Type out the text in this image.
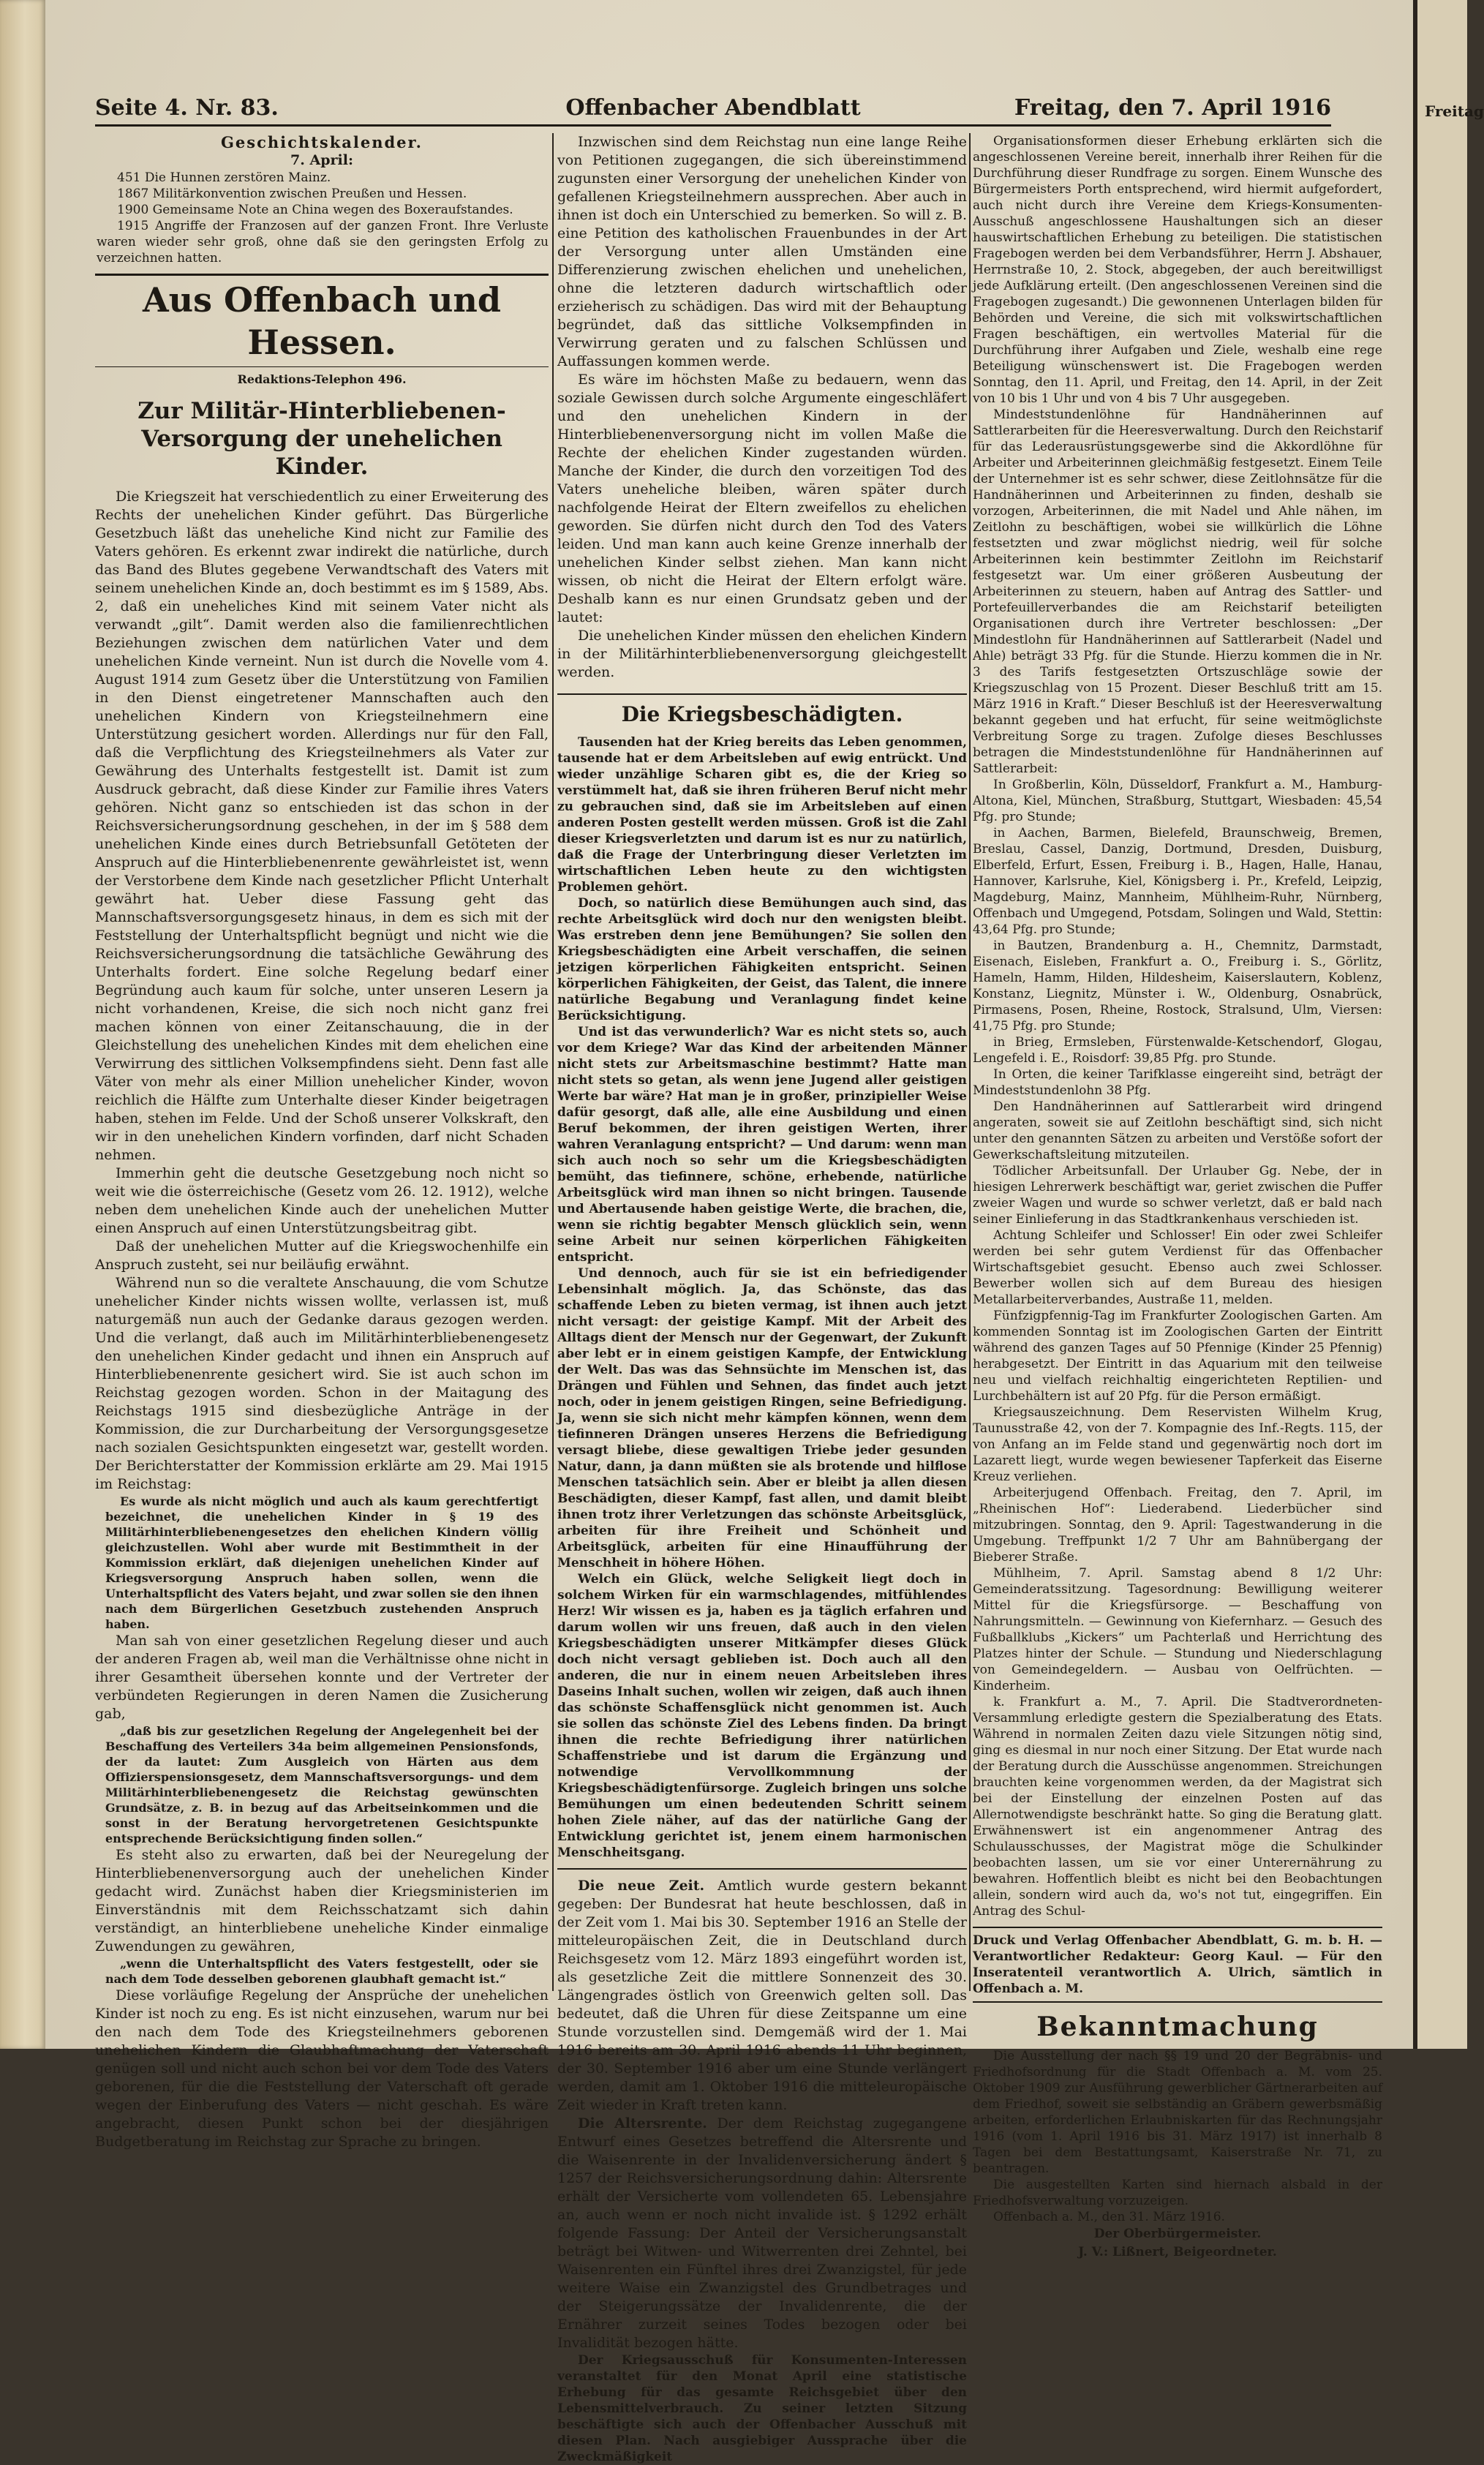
Freitag
Seite 4. Nr. 83.	Offenbacher Abendblatt	Freitag, den 7. April 1916
Geschichtskalender.
7. April:

451 Die Hunnen zerstören Mainz.

1867 Militärkonvention zwischen Preußen und Hessen.

1900 Gemeinsame Note an China wegen des Boxeraufstandes.

1915 Angriffe der Franzosen auf der ganzen Front. Ihre Verluste waren wieder sehr groß, ohne daß sie den geringsten Erfolg zu verzeichnen hatten.

Aus Offenbach und Hessen.
Redaktions-Telephon 496.
Zur Militär-Hinterbliebenen-Versorgung der unehelichen Kinder.

Die Kriegszeit hat verschiedentlich zu einer Erweiterung des Rechts der unehelichen Kinder geführt. Das Bürgerliche Gesetzbuch läßt das uneheliche Kind nicht zur Familie des Vaters gehören. Es erkennt zwar indirekt die natürliche, durch das Band des Blutes gegebene Verwandtschaft des Vaters mit seinem unehelichen Kinde an, doch bestimmt es im § 1589, Abs. 2, daß ein uneheliches Kind mit seinem Vater nicht als verwandt „gilt“. Damit werden also die familienrechtlichen Beziehungen zwischen dem natürlichen Vater und dem unehelichen Kinde verneint. Nun ist durch die Novelle vom 4. August 1914 zum Gesetz über die Unterstützung von Familien in den Dienst eingetretener Mannschaften auch den unehelichen Kindern von Kriegsteilnehmern eine Unterstützung gesichert worden. Allerdings nur für den Fall, daß die Verpflichtung des Kriegsteilnehmers als Vater zur Gewährung des Unterhalts festgestellt ist. Damit ist zum Ausdruck gebracht, daß diese Kinder zur Familie ihres Vaters gehören. Nicht ganz so entschieden ist das schon in der Reichsversicherungsordnung geschehen, in der im § 588 dem unehelichen Kinde eines durch Betriebsunfall Getöteten der Anspruch auf die Hinterbliebenenrente gewährleistet ist, wenn der Verstorbene dem Kinde nach gesetzlicher Pflicht Unterhalt gewährt hat. Ueber diese Fassung geht das Mannschaftsversorgungsgesetz hinaus, in dem es sich mit der Feststellung der Unterhaltspflicht begnügt und nicht wie die Reichsversicherungsordnung die tatsächliche Gewährung des Unterhalts fordert. Eine solche Regelung bedarf einer Begründung auch kaum für solche, unter unseren Lesern ja nicht vorhandenen, Kreise, die sich noch nicht ganz frei machen können von einer Zeitanschauung, die in der Gleichstellung des unehelichen Kindes mit dem ehelichen eine Verwirrung des sittlichen Volksempfindens sieht. Denn fast alle Väter von mehr als einer Million unehelicher Kinder, wovon reichlich die Hälfte zum Unterhalte dieser Kinder beigetragen haben, stehen im Felde. Und der Schoß unserer Volkskraft, den wir in den unehelichen Kindern vorfinden, darf nicht Schaden nehmen.

Immerhin geht die deutsche Gesetzgebung noch nicht so weit wie die österreichische (Gesetz vom 26. 12. 1912), welche neben dem unehelichen Kinde auch der unehelichen Mutter einen Anspruch auf einen Unterstützungsbeitrag gibt.

Daß der unehelichen Mutter auf die Kriegswochenhilfe ein Anspruch zusteht, sei nur beiläufig erwähnt.

Während nun so die veraltete Anschauung, die vom Schutze unehelicher Kinder nichts wissen wollte, verlassen ist, muß naturgemäß nun auch der Gedanke daraus gezogen werden. Und die verlangt, daß auch im Militärhinterbliebenengesetz den unehelichen Kinder gedacht und ihnen ein Anspruch auf Hinterbliebenenrente gesichert wird. Sie ist auch schon im Reichstag gezogen worden. Schon in der Maitagung des Reichstags 1915 sind diesbezügliche Anträge in der Kommission, die zur Durcharbeitung der Versorgungsgesetze nach sozialen Gesichtspunkten eingesetzt war, gestellt worden. Der Berichterstatter der Kommission erklärte am 29. Mai 1915 im Reichstag:

Es wurde als nicht möglich und auch als kaum gerechtfertigt bezeichnet, die unehelichen Kinder in § 19 des Militärhinterbliebenengesetzes den ehelichen Kindern völlig gleichzustellen. Wohl aber wurde mit Bestimmtheit in der Kommission erklärt, daß diejenigen unehelichen Kinder auf Kriegsversorgung Anspruch haben sollen, wenn die Unterhaltspflicht des Vaters bejaht, und zwar sollen sie den ihnen nach dem Bürgerlichen Gesetzbuch zustehenden Anspruch haben.

Man sah von einer gesetzlichen Regelung dieser und auch der anderen Fragen ab, weil man die Verhältnisse ohne nicht in ihrer Gesamtheit übersehen konnte und der Vertreter der verbündeten Regierungen in deren Namen die Zusicherung gab,

„daß bis zur gesetzlichen Regelung der Angelegenheit bei der Beschaffung des Verteilers 34a beim allgemeinen Pensionsfonds, der da lautet: Zum Ausgleich von Härten aus dem Offizierspensionsgesetz, dem Mannschaftsversorgungs- und dem Militärhinterbliebenengesetz die Reichstag gewünschten Grundsätze, z. B. in bezug auf das Arbeitseinkommen und die sonst in der Beratung hervorgetretenen Gesichtspunkte entsprechende Berücksichtigung finden sollen.“

Es steht also zu erwarten, daß bei der Neuregelung der Hinterbliebenenversorgung auch der unehelichen Kinder gedacht wird. Zunächst haben dier Kriegsministerien im Einverständnis mit dem Reichsschatzamt sich dahin verständigt, an hinterbliebene uneheliche Kinder einmalige Zuwendungen zu gewähren,

„wenn die Unterhaltspflicht des Vaters festgestellt, oder sie nach dem Tode desselben geborenen glaubhaft gemacht ist.“

Diese vorläufige Regelung der Ansprüche der unehelichen Kinder ist noch zu eng. Es ist nicht einzusehen, warum nur bei den nach dem Tode des Kriegsteilnehmers geborenen unehelichen Kindern die Glaubhaftmachung der Vaterschaft genügen soll und nicht auch schon bei vor dem Tode des Vaters geborenen, für die die Feststellung der Vaterschaft oft gerade wegen der Einberufung des Vaters — nicht geschah. Es wäre angebracht, diesen Punkt schon bei der diesjährigen Budgetberatung im Reichstag zur Sprache zu bringen.

Inzwischen sind dem Reichstag nun eine lange Reihe von Petitionen zugegangen, die sich übereinstimmend zugunsten einer Versorgung der unehelichen Kinder von gefallenen Kriegsteilnehmern aussprechen. Aber auch in ihnen ist doch ein Unterschied zu bemerken. So will z. B. eine Petition des katholischen Frauenbundes in der Art der Versorgung unter allen Umständen eine Differenzierung zwischen ehelichen und unehelichen, ohne die letzteren dadurch wirtschaftlich oder erzieherisch zu schädigen. Das wird mit der Behauptung begründet, daß das sittliche Volksempfinden in Verwirrung geraten und zu falschen Schlüssen und Auffassungen kommen werde.

Es wäre im höchsten Maße zu bedauern, wenn das soziale Gewissen durch solche Argumente eingeschläfert und den unehelichen Kindern in der Hinterbliebenenversorgung nicht im vollen Maße die Rechte der ehelichen Kinder zugestanden würden. Manche der Kinder, die durch den vorzeitigen Tod des Vaters uneheliche bleiben, wären später durch nachfolgende Heirat der Eltern zweifellos zu ehelichen geworden. Sie dürfen nicht durch den Tod des Vaters leiden. Und man kann auch keine Grenze innerhalb der unehelichen Kinder selbst ziehen. Man kann nicht wissen, ob nicht die Heirat der Eltern erfolgt wäre. Deshalb kann es nur einen Grundsatz geben und der lautet:

Die unehelichen Kinder müssen den ehelichen Kindern in der Militärhinterbliebenenversorgung gleichgestellt werden.

Die Kriegsbeschädigten.

Tausenden hat der Krieg bereits das Leben genommen, tausende hat er dem Arbeitsleben auf ewig entrückt. Und wieder unzählige Scharen gibt es, die der Krieg so verstümmelt hat, daß sie ihren früheren Beruf nicht mehr zu gebrauchen sind, daß sie im Arbeitsleben auf einen anderen Posten gestellt werden müssen. Groß ist die Zahl dieser Kriegsverletzten und darum ist es nur zu natürlich, daß die Frage der Unterbringung dieser Verletzten im wirtschaftlichen Leben heute zu den wichtigsten Problemen gehört.

Doch, so natürlich diese Bemühungen auch sind, das rechte Arbeitsglück wird doch nur den wenigsten bleibt. Was erstreben denn jene Bemühungen? Sie sollen den Kriegsbeschädigten eine Arbeit verschaffen, die seinen jetzigen körperlichen Fähigkeiten entspricht. Seinen körperlichen Fähigkeiten, der Geist, das Talent, die innere natürliche Begabung und Veranlagung findet keine Berücksichtigung.

Und ist das verwunderlich? War es nicht stets so, auch vor dem Kriege? War das Kind der arbeitenden Männer nicht stets zur Arbeitsmaschine bestimmt? Hatte man nicht stets so getan, als wenn jene Jugend aller geistigen Werte bar wäre? Hat man je in großer, prinzipieller Weise dafür gesorgt, daß alle, alle eine Ausbildung und einen Beruf bekommen, der ihren geistigen Werten, ihrer wahren Veranlagung entspricht? — Und darum: wenn man sich auch noch so sehr um die Kriegsbeschädigten bemüht, das tiefinnere, schöne, erhebende, natürliche Arbeitsglück wird man ihnen so nicht bringen. Tausende und Abertausende haben geistige Werte, die brachen, die, wenn sie richtig begabter Mensch glücklich sein, wenn seine Arbeit nur seinen körperlichen Fähigkeiten entspricht.

Und dennoch, auch für sie ist ein befriedigender Lebensinhalt möglich. Ja, das Schönste, das das schaffende Leben zu bieten vermag, ist ihnen auch jetzt nicht versagt: der geistige Kampf. Mit der Arbeit des Alltags dient der Mensch nur der Gegenwart, der Zukunft aber lebt er in einem geistigen Kampfe, der Entwicklung der Welt. Das was das Sehnsüchte im Menschen ist, das Drängen und Fühlen und Sehnen, das findet auch jetzt noch, oder in jenem geistigen Ringen, seine Befriedigung. Ja, wenn sie sich nicht mehr kämpfen können, wenn dem tiefinneren Drängen unseres Herzens die Befriedigung versagt bliebe, diese gewaltigen Triebe jeder gesunden Natur, dann, ja dann müßten sie als brotende und hilflose Menschen tatsächlich sein. Aber er bleibt ja allen diesen Beschädigten, dieser Kampf, fast allen, und damit bleibt ihnen trotz ihrer Verletzungen das schönste Arbeitsglück, arbeiten für ihre Freiheit und Schönheit und Arbeitsglück, arbeiten für eine Hinaufführung der Menschheit in höhere Höhen.

Welch ein Glück, welche Seligkeit liegt doch in solchem Wirken für ein warmschlagendes, mitfühlendes Herz! Wir wissen es ja, haben es ja täglich erfahren und darum wollen wir uns freuen, daß auch in den vielen Kriegsbeschädigten unserer Mitkämpfer dieses Glück doch nicht versagt geblieben ist. Doch auch all den anderen, die nur in einem neuen Arbeitsleben ihres Daseins Inhalt suchen, wollen wir zeigen, daß auch ihnen das schönste Schaffensglück nicht genommen ist. Auch sie sollen das schönste Ziel des Lebens finden. Da bringt ihnen die rechte Befriedigung ihrer natürlichen Schaffenstriebe und ist darum die Ergänzung und notwendige Vervollkommnung der Kriegsbeschädigtenfürsorge. Zugleich bringen uns solche Bemühungen um einen bedeutenden Schritt seinem hohen Ziele näher, auf das der natürliche Gang der Entwicklung gerichtet ist, jenem einem harmonischen Menschheitsgang.

Die neue Zeit. Amtlich wurde gestern bekannt gegeben: Der Bundesrat hat heute beschlossen, daß in der Zeit vom 1. Mai bis 30. September 1916 an Stelle der mitteleuropäischen Zeit, die in Deutschland durch Reichsgesetz vom 12. März 1893 eingeführt worden ist, als gesetzliche Zeit die mittlere Sonnenzeit des 30. Längengrades östlich von Greenwich gelten soll. Das bedeutet, daß die Uhren für diese Zeitspanne um eine Stunde vorzustellen sind. Demgemäß wird der 1. Mai 1916 bereits am 30. April 1916 abends 11 Uhr beginnen, der 30. September 1916 aber um eine Stunde verlängert werden, damit am 1. Oktober 1916 die mitteleuropäische Zeit wieder in Kraft treten kann.

Die Altersrente. Der dem Reichstag zugegangene Entwurf eines Gesetzes betreffend die Altersrente und die Waisenrente in der Invalidenversicherung ändert § 1257 der Reichsversicherungsordnung dahin: Altersrente erhält der Versicherte vom vollendeten 65. Lebensjahre an, auch wenn er noch nicht invalide ist. § 1292 erhält folgende Fassung: Der Anteil der Versicherungsanstalt beträgt bei Witwen- und Witwerrenten drei Zehntel, bei Waisenrenten ein Fünftel ihres drei Zwanzigstel, für jede weitere Waise ein Zwanzigstel des Grundbetrages und der Steigerungssätze der Invalidenrente, die der Ernährer zurzeit seines Todes bezogen oder bei Invalidität bezogen hätte.

Der Kriegsausschuß für Konsumenten-Interessen veranstaltet für den Monat April eine statistische Erhebung für das gesamte Reichsgebiet über den Lebensmittelverbrauch. Zu seiner letzten Sitzung beschäftigte sich auch der Offenbacher Ausschuß mit diesen Plan. Nach ausgiebiger Aussprache über die Zweckmäßigkeit

Organisationsformen dieser Erhebung erklärten sich die angeschlossenen Vereine bereit, innerhalb ihrer Reihen für die Durchführung dieser Rundfrage zu sorgen. Einem Wunsche des Bürgermeisters Porth entsprechend, wird hiermit aufgefordert, auch nicht durch ihre Vereine dem Kriegs-Konsumenten-Ausschuß angeschlossene Haushaltungen sich an dieser hauswirtschaftlichen Erhebung zu beteiligen. Die statistischen Fragebogen werden bei dem Verbandsführer, Herrn J. Abshauer, Herrnstraße 10, 2. Stock, abgegeben, der auch bereitwilligst jede Aufklärung erteilt. (Den angeschlossenen Vereinen sind die Fragebogen zugesandt.) Die gewonnenen Unterlagen bilden für Behörden und Vereine, die sich mit volkswirtschaftlichen Fragen beschäftigen, ein wertvolles Material für die Durchführung ihrer Aufgaben und Ziele, weshalb eine rege Beteiligung wünschenswert ist. Die Fragebogen werden Sonntag, den 11. April, und Freitag, den 14. April, in der Zeit von 10 bis 1 Uhr und von 4 bis 7 Uhr ausgegeben.

Mindeststundenlöhne für Handnäherinnen auf Sattlerarbeiten für die Heeresverwaltung. Durch den Reichstarif für das Lederausrüstungsgewerbe sind die Akkordlöhne für Arbeiter und Arbeiterinnen gleichmäßig festgesetzt. Einem Teile der Unternehmer ist es sehr schwer, diese Zeitlohnsätze für die Handnäherinnen und Arbeiterinnen zu finden, deshalb sie vorzogen, Arbeiterinnen, die mit Nadel und Ahle nähen, im Zeitlohn zu beschäftigen, wobei sie willkürlich die Löhne festsetzten und zwar möglichst niedrig, weil für solche Arbeiterinnen kein bestimmter Zeitlohn im Reichstarif festgesetzt war. Um einer größeren Ausbeutung der Arbeiterinnen zu steuern, haben auf Antrag des Sattler- und Portefeuillerverbandes die am Reichstarif beteiligten Organisationen durch ihre Vertreter beschlossen: „Der Mindestlohn für Handnäherinnen auf Sattlerarbeit (Nadel und Ahle) beträgt 33 Pfg. für die Stunde. Hierzu kommen die in Nr. 3 des Tarifs festgesetzten Ortszuschläge sowie der Kriegszuschlag von 15 Prozent. Dieser Beschluß tritt am 15. März 1916 in Kraft.“ Dieser Beschluß ist der Heeresverwaltung bekannt gegeben und hat erfucht, für seine weitmöglichste Verbreitung Sorge zu tragen. Zufolge dieses Beschlusses betragen die Mindeststundenlöhne für Handnäherinnen auf Sattlerarbeit:

In Großberlin, Köln, Düsseldorf, Frankfurt a. M., Hamburg-Altona, Kiel, München, Straßburg, Stuttgart, Wiesbaden: 45,54 Pfg. pro Stunde;

in Aachen, Barmen, Bielefeld, Braunschweig, Bremen, Breslau, Cassel, Danzig, Dortmund, Dresden, Duisburg, Elberfeld, Erfurt, Essen, Freiburg i. B., Hagen, Halle, Hanau, Hannover, Karlsruhe, Kiel, Königsberg i. Pr., Krefeld, Leipzig, Magdeburg, Mainz, Mannheim, Mühlheim-Ruhr, Nürnberg, Offenbach und Umgegend, Potsdam, Solingen und Wald, Stettin: 43,64 Pfg. pro Stunde;

in Bautzen, Brandenburg a. H., Chemnitz, Darmstadt, Eisenach, Eisleben, Frankfurt a. O., Freiburg i. S., Görlitz, Hameln, Hamm, Hilden, Hildesheim, Kaiserslautern, Koblenz, Konstanz, Liegnitz, Münster i. W., Oldenburg, Osnabrück, Pirmasens, Posen, Rheine, Rostock, Stralsund, Ulm, Viersen: 41,75 Pfg. pro Stunde;

in Brieg, Ermsleben, Fürstenwalde-Ketschendorf, Glogau, Lengefeld i. E., Roisdorf: 39,85 Pfg. pro Stunde.

In Orten, die keiner Tarifklasse eingereiht sind, beträgt der Mindeststundenlohn 38 Pfg.

Den Handnäherinnen auf Sattlerarbeit wird dringend angeraten, soweit sie auf Zeitlohn beschäftigt sind, sich nicht unter den genannten Sätzen zu arbeiten und Verstöße sofort der Gewerkschaftsleitung mitzuteilen.

Tödlicher Arbeitsunfall. Der Urlauber Gg. Nebe, der in hiesigen Lehrerwerk beschäftigt war, geriet zwischen die Puffer zweier Wagen und wurde so schwer verletzt, daß er bald nach seiner Einlieferung in das Stadtkrankenhaus verschieden ist.

Achtung Schleifer und Schlosser! Ein oder zwei Schleifer werden bei sehr gutem Verdienst für das Offenbacher Wirtschaftsgebiet gesucht. Ebenso auch zwei Schlosser. Bewerber wollen sich auf dem Bureau des hiesigen Metallarbeiterverbandes, Austraße 11, melden.

Fünfzigpfennig-Tag im Frankfurter Zoologischen Garten. Am kommenden Sonntag ist im Zoologischen Garten der Eintritt während des ganzen Tages auf 50 Pfennige (Kinder 25 Pfennig) herabgesetzt. Der Eintritt in das Aquarium mit den teilweise neu und vielfach reichhaltig eingerichteten Reptilien- und Lurchbehältern ist auf 20 Pfg. für die Person ermäßigt.

Kriegsauszeichnung. Dem Reservisten Wilhelm Krug, Taunusstraße 42, von der 7. Kompagnie des Inf.-Regts. 115, der von Anfang an im Felde stand und gegenwärtig noch dort im Lazarett liegt, wurde wegen bewiesener Tapferkeit das Eiserne Kreuz verliehen.

Arbeiterjugend Offenbach. Freitag, den 7. April, im „Rheinischen Hof“: Liederabend. Liederbücher sind mitzubringen. Sonntag, den 9. April: Tagestwanderung in die Umgebung. Treffpunkt 1/2 7 Uhr am Bahnübergang der Bieberer Straße.

Mühlheim, 7. April. Samstag abend 8 1/2 Uhr: Gemeinderatssitzung. Tagesordnung: Bewilligung weiterer Mittel für die Kriegsfürsorge. — Beschaffung von Nahrungsmitteln. — Gewinnung von Kiefernharz. — Gesuch des Fußballklubs „Kickers“ um Pachterlaß und Herrichtung des Platzes hinter der Schule. — Stundung und Niederschlagung von Gemeindegeldern. — Ausbau von Oelfrüchten. — Kinderheim.

k. Frankfurt a. M., 7. April. Die Stadtverordneten-Versammlung erledigte gestern die Spezialberatung des Etats. Während in normalen Zeiten dazu viele Sitzungen nötig sind, ging es diesmal in nur noch einer Sitzung. Der Etat wurde nach der Beratung durch die Ausschüsse angenommen. Streichungen brauchten keine vorgenommen werden, da der Magistrat sich bei der Einstellung der einzelnen Posten auf das Allernotwendigste beschränkt hatte. So ging die Beratung glatt. Erwähnenswert ist ein angenommener Antrag des Schulausschusses, der Magistrat möge die Schulkinder beobachten lassen, um sie vor einer Unterernährung zu bewahren. Hoffentlich bleibt es nicht bei den Beobachtungen allein, sondern wird auch da, wo's not tut, eingegriffen. Ein Antrag des Schul-

Druck und Verlag Offenbacher Abendblatt, G. m. b. H. — Verantwortlicher Redakteur: Georg Kaul. — Für den Inseratenteil verantwortlich A. Ulrich, sämtlich in Offenbach a. M.
Bekanntmachung

Die Ausstellung der nach §§ 19 und 20 der Begräbnis- und Friedhofsordnung für die Stadt Offenbach a. M. vom 25. Oktober 1909 zur Ausführung gewerblicher Gärtnerarbeiten auf dem Friedhof, soweit sie selbständig an Gräbern gewerbsmäßig arbeiten, erforderlichen Erlaubniskarten für das Rechnungsjahr 1916 (vom 1. April 1916 bis 31. März 1917) ist innerhalb 8 Tagen bei dem Bestattungsamt, Kaiserstraße Nr. 71, zu beantragen.

Die ausgestellten Karten sind hiernach alsbald in der Friedhofsverwaltung vorzuzeigen.

Offenbach a. M., den 31. März 1916.

Der Oberbürgermeister.
J. V.: Lißnert, Beigeordneter.
